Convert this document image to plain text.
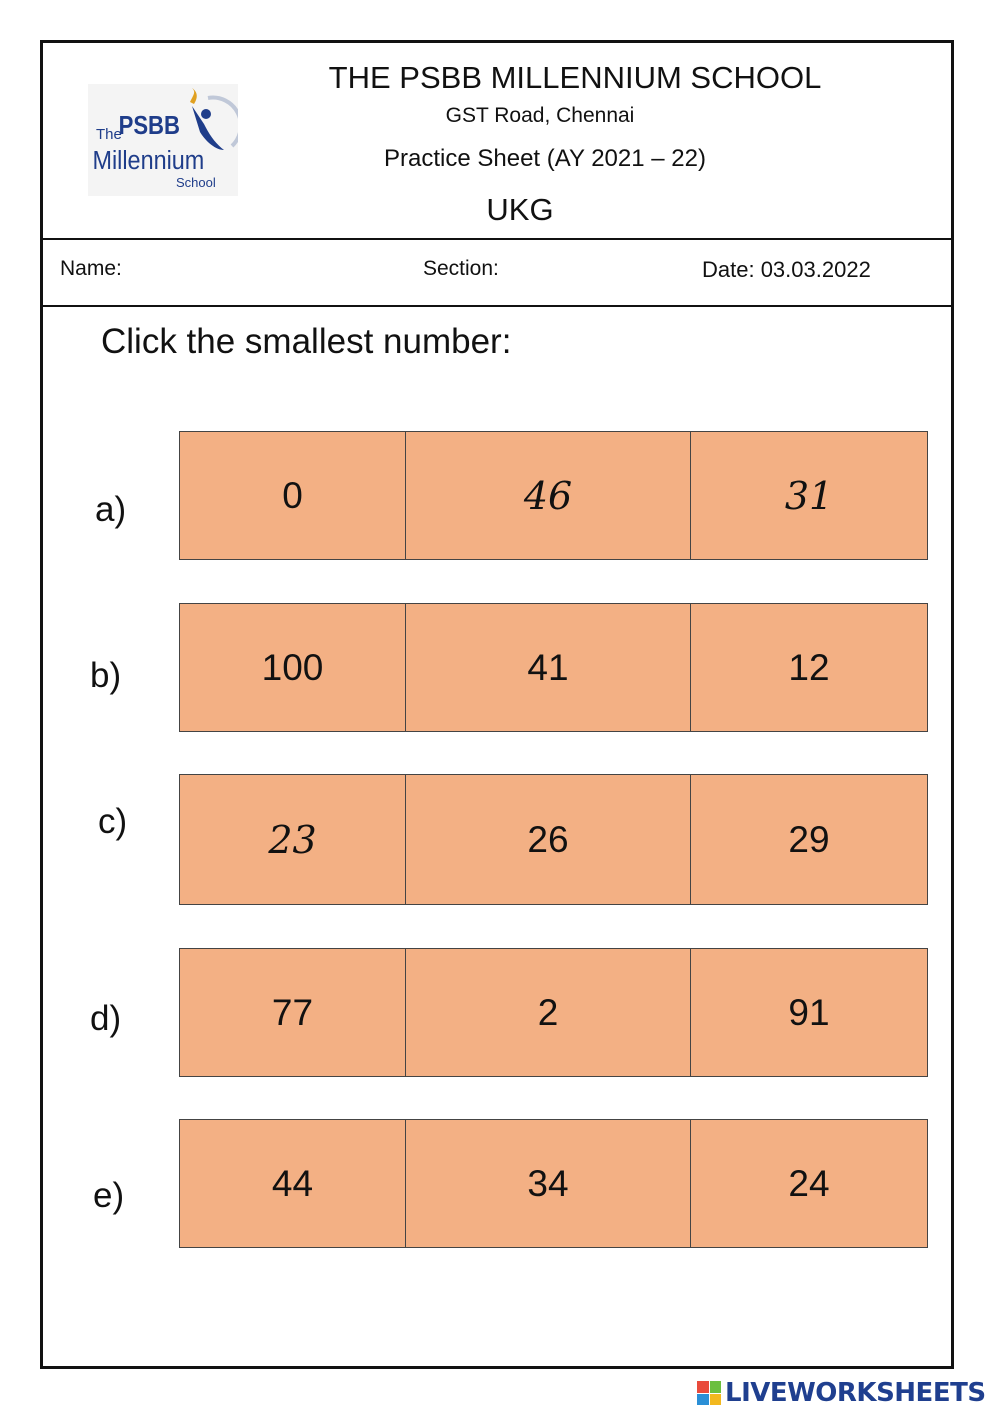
The
PSBB
Millennium
School
THE PSBB MILLENNIUM SCHOOL
GST Road, Chennai
Practice Sheet (AY 2021 – 22)
UKG
Name:	Section:	Date: 03.03.2022
Click the smallest number:
a)	0	46	31
b)	100	41	12
c)	23	26	29
d)	77	2	91
e)	44	34	24
LIVEWORKSHEETS
